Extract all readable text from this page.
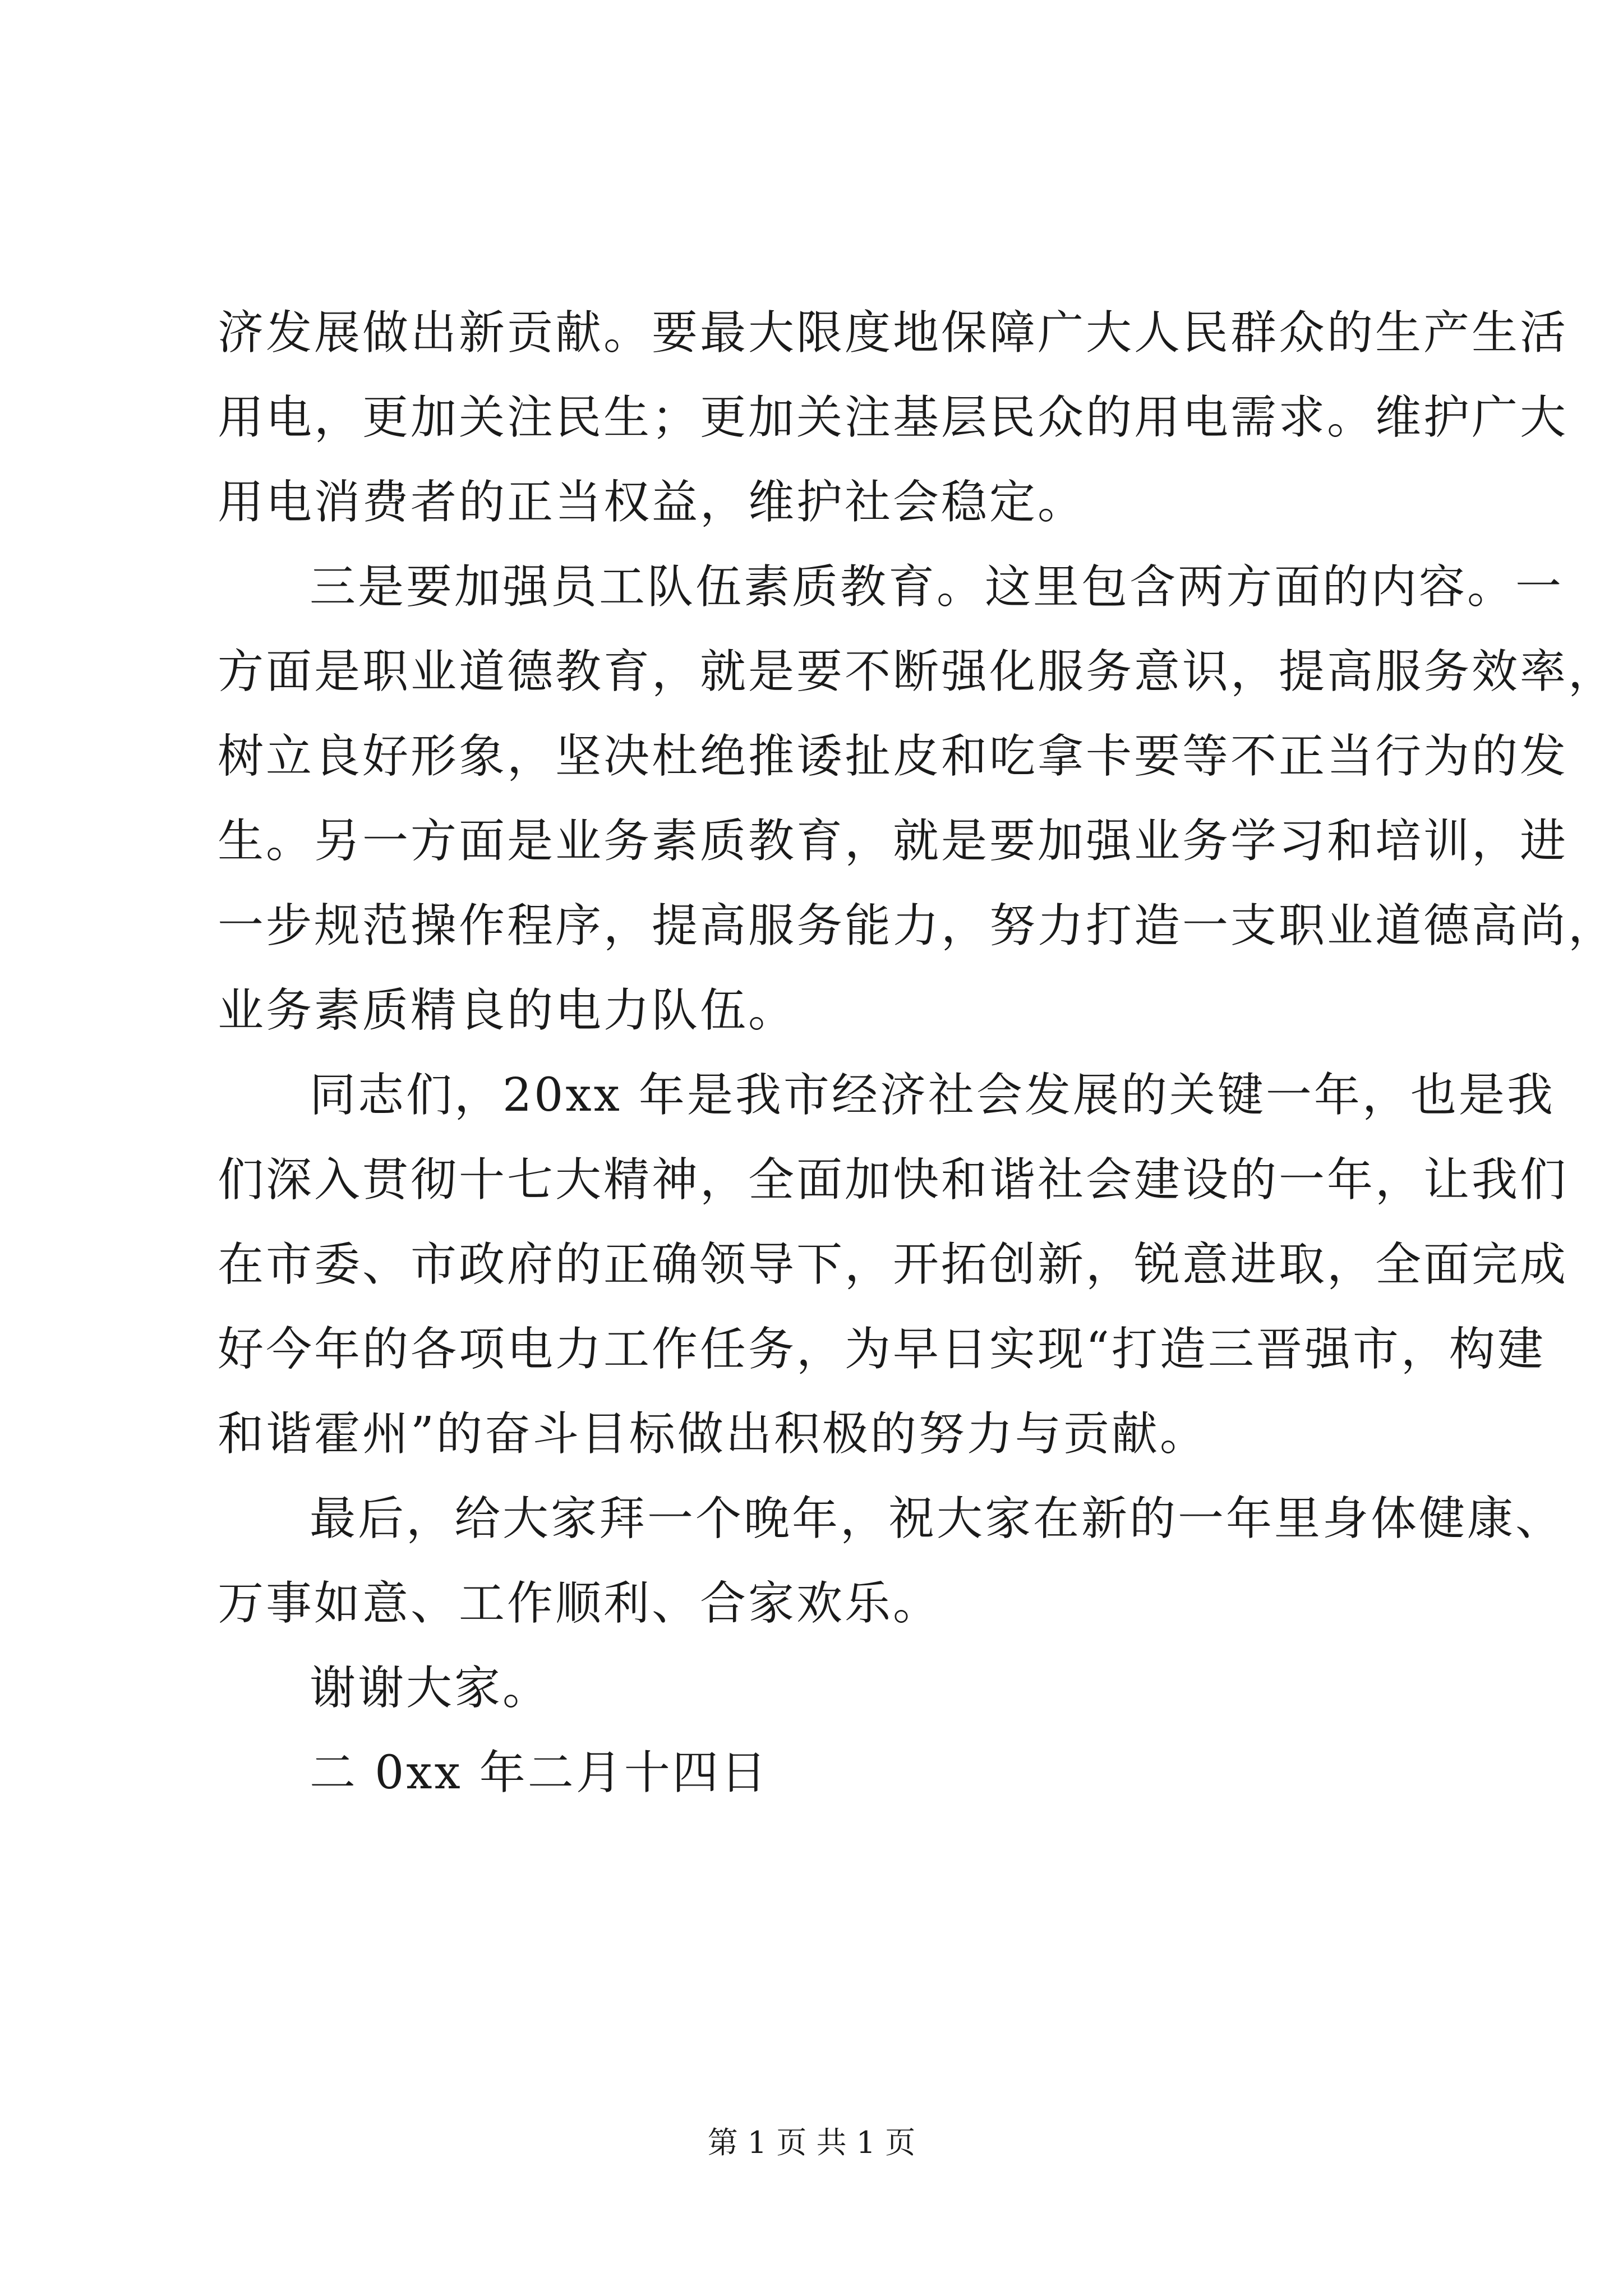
济发展做出新贡献。要最大限度地保障广大人民群众的生产生活
用电，更加关注民生；更加关注基层民众的用电需求。维护广大
用电消费者的正当权益，维护社会稳定。
三是要加强员工队伍素质教育。这里包含两方面的内容。一
方面是职业道德教育，就是要不断强化服务意识，提高服务效率，
树立良好形象，坚决杜绝推诿扯皮和吃拿卡要等不正当行为的发
生。另一方面是业务素质教育，就是要加强业务学习和培训，进
一步规范操作程序，提高服务能力，努力打造一支职业道德高尚，
业务素质精良的电力队伍。
同志们，20xx 年是我市经济社会发展的关键一年，也是我
们深入贯彻十七大精神，全面加快和谐社会建设的一年，让我们
在市委、市政府的正确领导下，开拓创新，锐意进取，全面完成
好今年的各项电力工作任务，为早日实现“打造三晋强市，构建
和谐霍州”的奋斗目标做出积极的努力与贡献。
最后，给大家拜一个晚年，祝大家在新的一年里身体健康、
万事如意、工作顺利、合家欢乐。
谢谢大家。
二 0xx 年二月十四日
第 1 页 共 1 页
